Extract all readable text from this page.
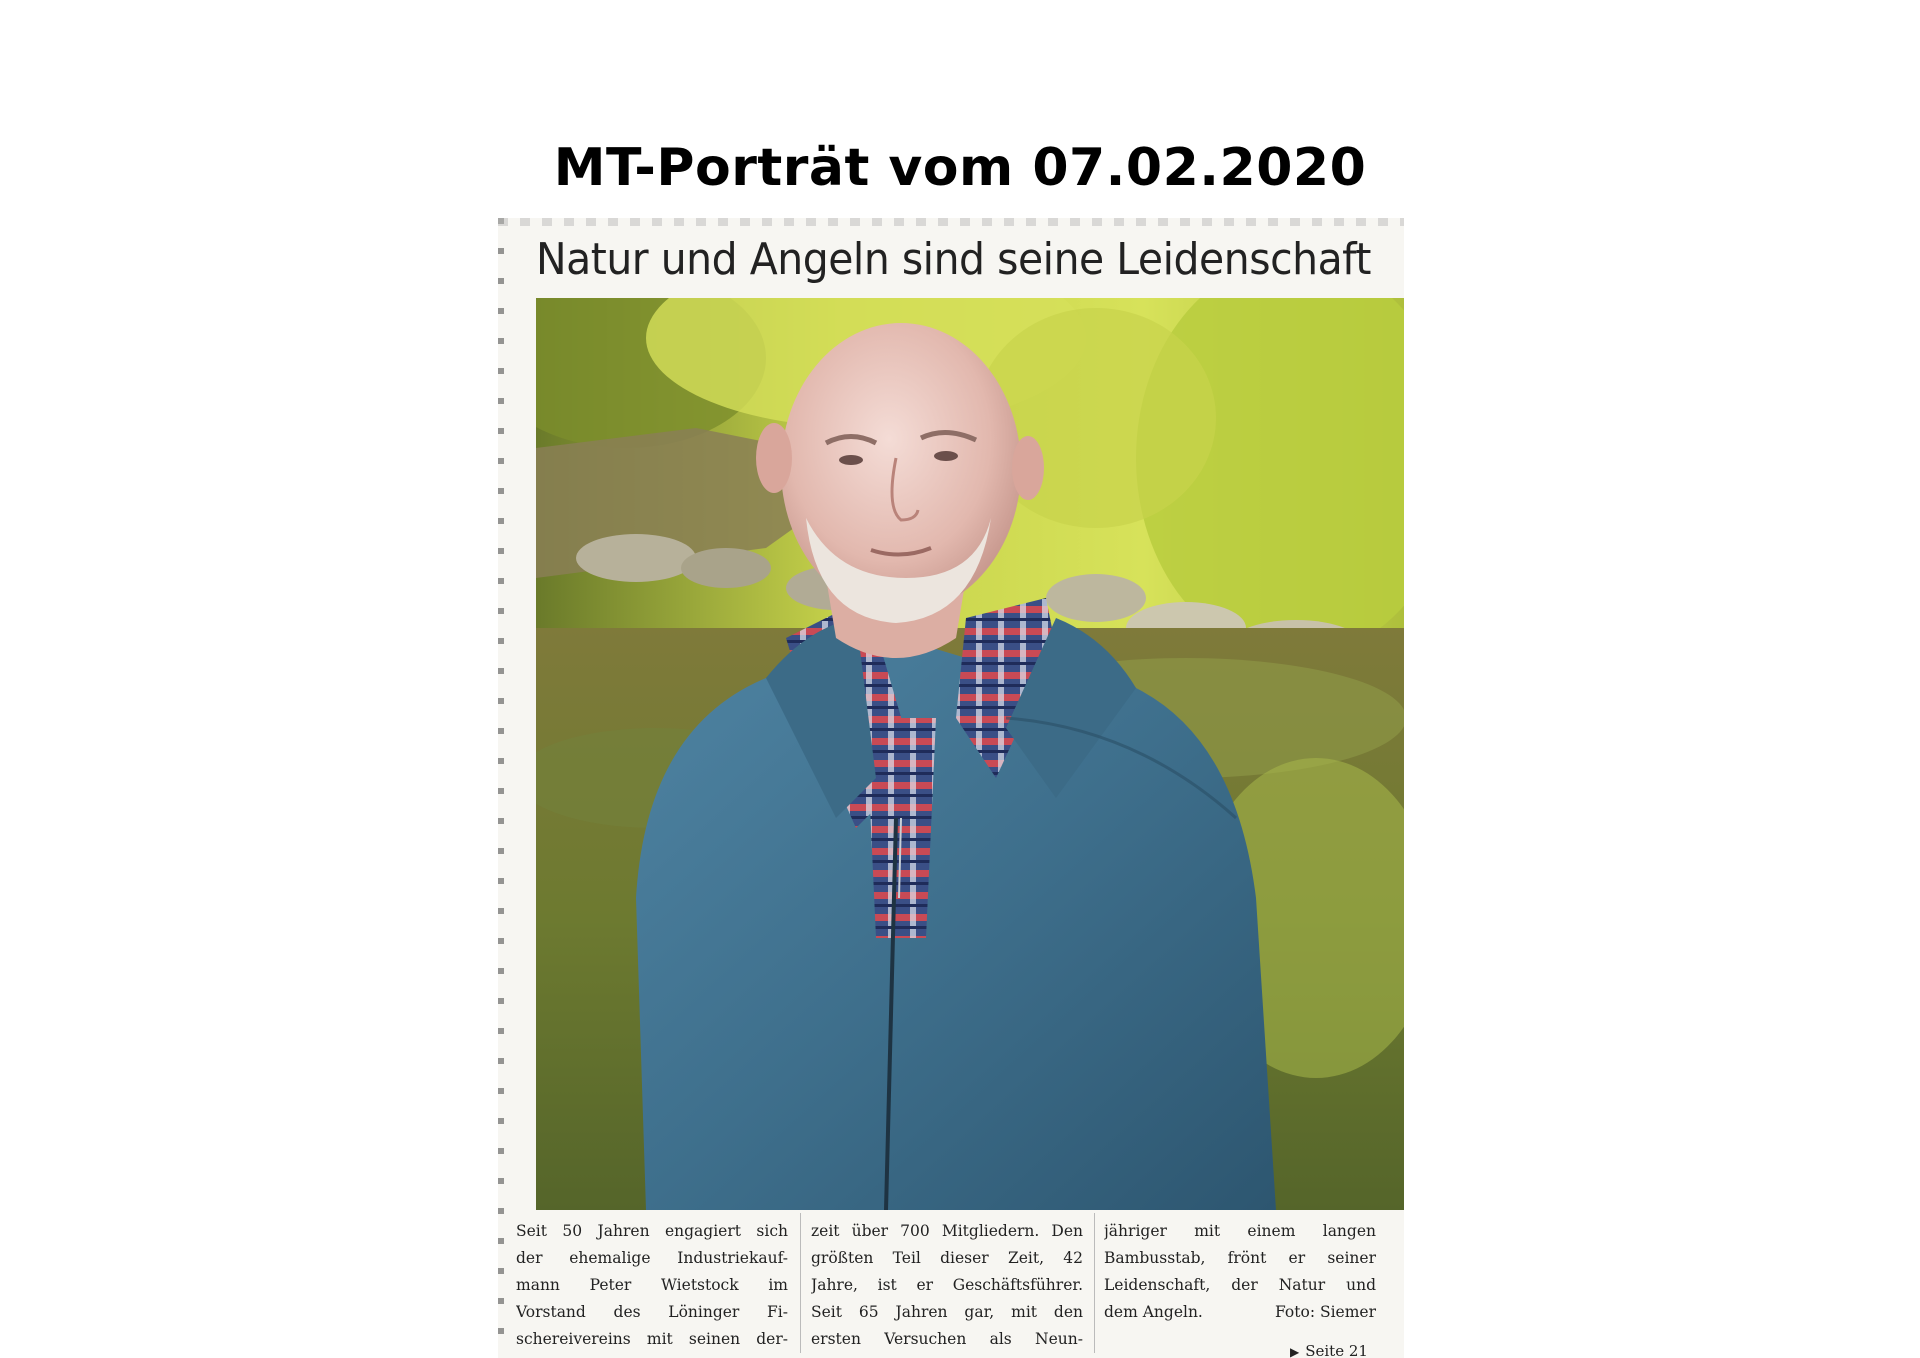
MT-Porträt vom 07.02.2020
Natur und Angeln sind seine Leidenschaft
Seit 50 Jahren engagiert sich
der ehemalige Industriekauf-
mann Peter Wietstock im
Vorstand des Löninger Fi-
schereivereins mit seinen der-
zeit über 700 Mitgliedern. Den
größten Teil dieser Zeit, 42
Jahre, ist er Geschäftsführer.
Seit 65 Jahren gar, mit den
ersten Versuchen als Neun-
jähriger mit einem langen
Bambusstab, frönt er seiner
Leidenschaft, der Natur und
dem Angeln.	Foto: Siemer
▶ Seite 21
